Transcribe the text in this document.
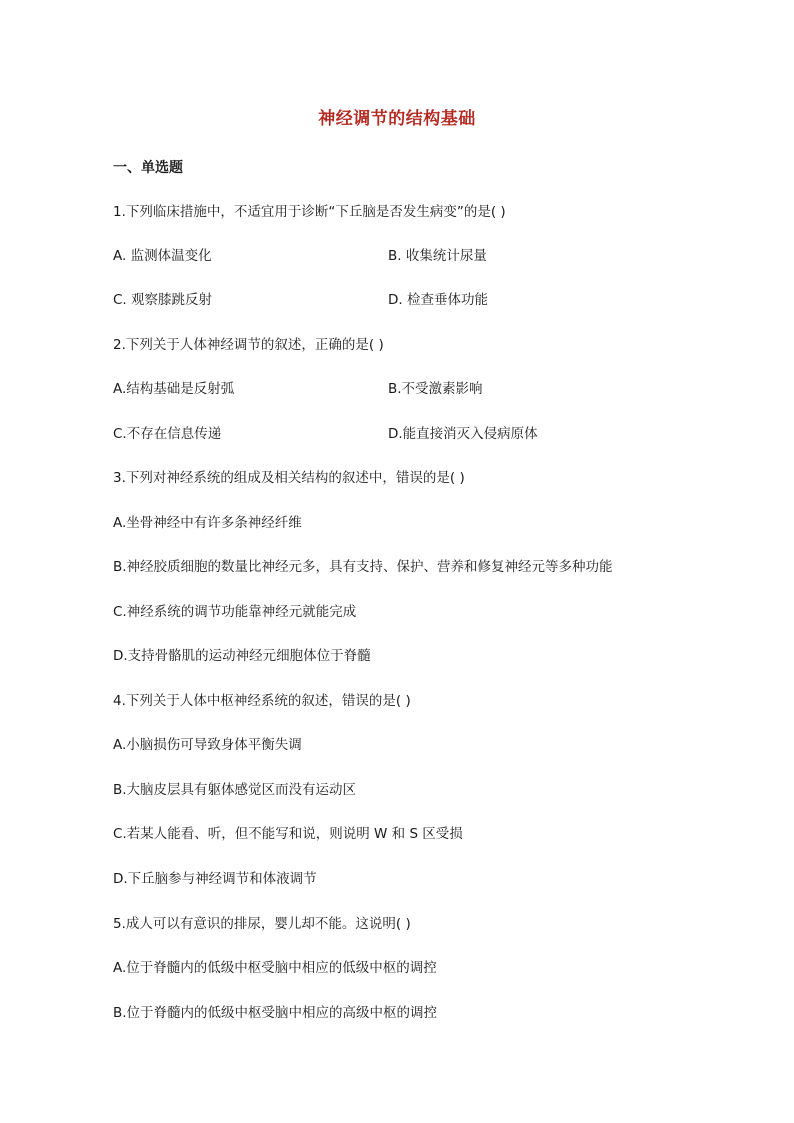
神经调节的结构基础
一、单选题
1.下列临床措施中，不适宜用于诊断“下丘脑是否发生病变”的是( )
A. 监测体温变化	B. 收集统计尿量
C. 观察膝跳反射	D. 检查垂体功能
2.下列关于人体神经调节的叙述，正确的是( )
A.结构基础是反射弧	B.不受激素影响
C.不存在信息传递	D.能直接消灭入侵病原体
3.下列对神经系统的组成及相关结构的叙述中，错误的是( )
A.坐骨神经中有许多条神经纤维
B.神经胶质细胞的数量比神经元多，具有支持、保护、营养和修复神经元等多种功能
C.神经系统的调节功能靠神经元就能完成
D.支持骨骼肌的运动神经元细胞体位于脊髓
4.下列关于人体中枢神经系统的叙述，错误的是( )
A.小脑损伤可导致身体平衡失调
B.大脑皮层具有躯体感觉区而没有运动区
C.若某人能看、听，但不能写和说，则说明 W 和 S 区受损
D.下丘脑参与神经调节和体液调节
5.成人可以有意识的排尿，婴儿却不能。这说明( )
A.位于脊髓内的低级中枢受脑中相应的低级中枢的调控
B.位于脊髓内的低级中枢受脑中相应的高级中枢的调控
